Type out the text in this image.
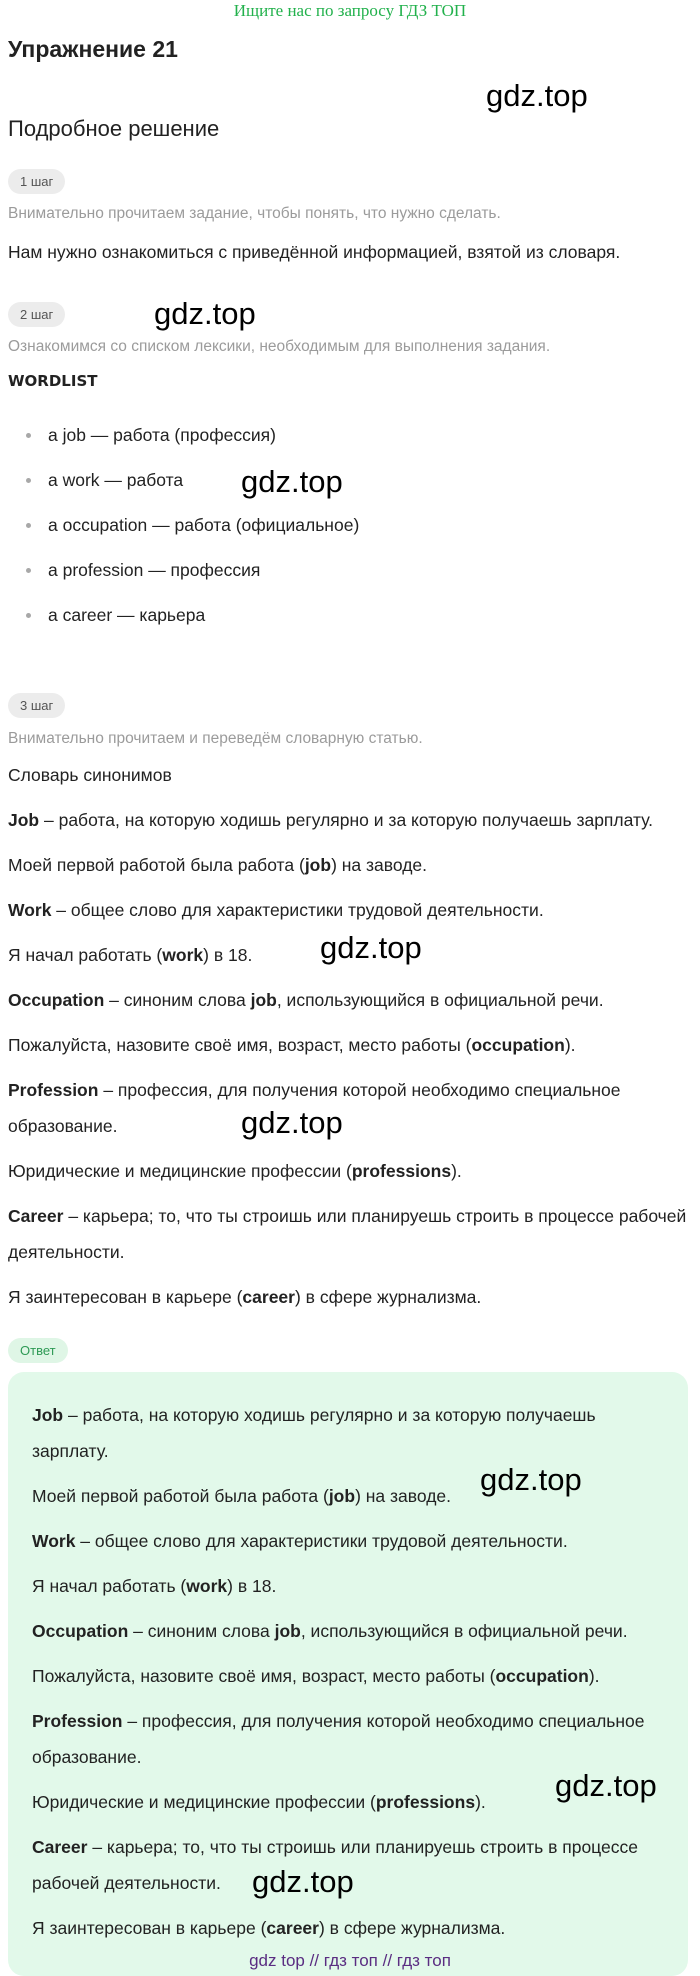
Ищите нас по запросу ГДЗ ТОП
Упражнение 21
Подробное решение
gdz.top
1 шаг
Внимательно прочитаем задание, чтобы понять, что нужно сделать.
Нам нужно ознакомиться с приведённой информацией, взятой из словаря.
2 шаг	gdz.top
Ознакомимся со списком лексики, необходимым для выполнения задания.
WORDLIST
a job — работа (профессия)
a work — работа
a occupation — работа (официальное)
a profession — профессия
a career — карьера
gdz.top
3 шаг
Внимательно прочитаем и переведём словарную статью.
Словарь синонимов
Job – работа, на которую ходишь регулярно и за которую получаешь зарплату.
Моей первой работой была работа (job) на заводе.
Work – общее слово для характеристики трудовой деятельности.
Я начал работать (work) в 18.	gdz.top
Occupation – синоним слова job, использующийся в официальной речи.
Пожалуйста, назовите своё имя, возраст, место работы (occupation).
Profession – профессия, для получения которой необходимо специальное образование.	gdz.top
Юридические и медицинские профессии (professions).
Career – карьера; то, что ты строишь или планируешь строить в процессе рабочей деятельности.
Я заинтересован в карьере (career) в сфере журнализма.
Ответ
Job – работа, на которую ходишь регулярно и за которую получаешь зарплату.
Моей первой работой была работа (job) на заводе. gdz.top
Work – общее слово для характеристики трудовой деятельности.
Я начал работать (work) в 18.
Occupation – синоним слова job, использующийся в официальной речи.
Пожалуйста, назовите своё имя, возраст, место работы (occupation).
Profession – профессия, для получения которой необходимо специальное образование.
Юридические и медицинские профессии (professions).	gdz.top
Career – карьера; то, что ты строишь или планируешь строить в процессе рабочей деятельности.	gdz.top
Я заинтересован в карьере (career) в сфере журнализма.
gdz top // гдз топ // гдз топ
